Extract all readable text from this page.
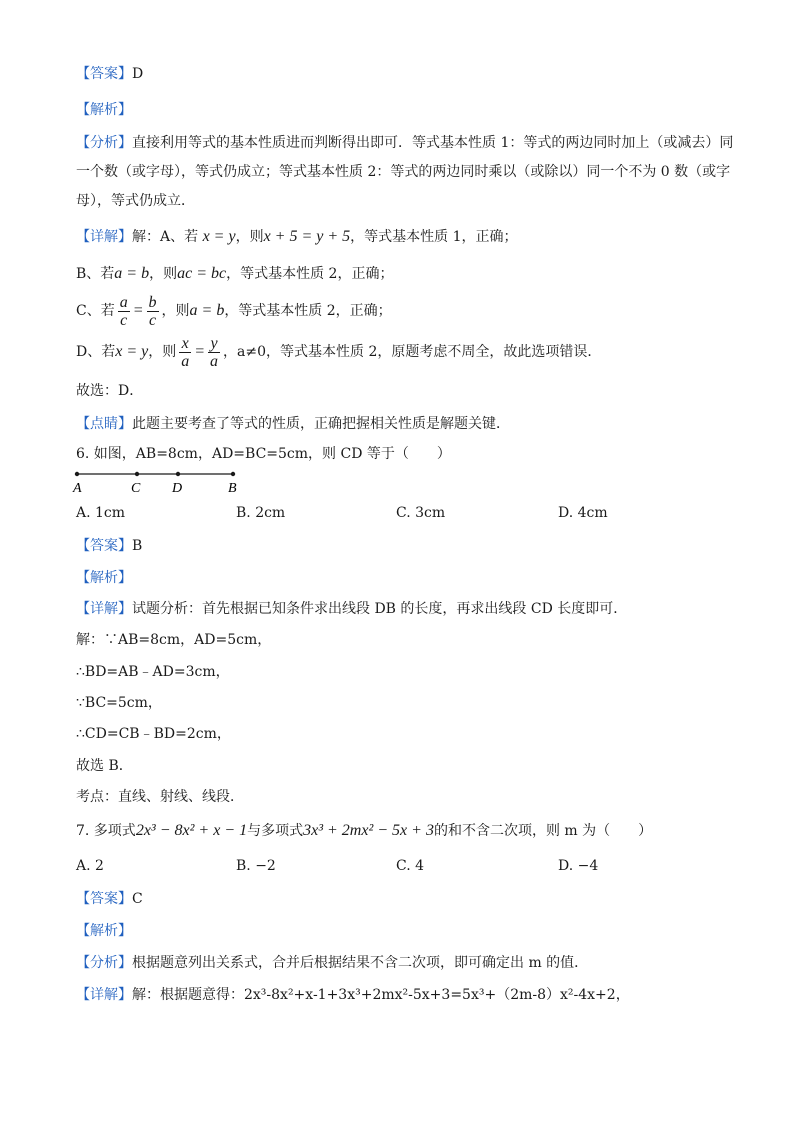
【答案】D
【解析】
【分析】直接利用等式的基本性质进而判断得出即可．等式基本性质 1：等式的两边同时加上（或减去）同
一个数（或字母），等式仍成立；等式基本性质 2：等式的两边同时乘以（或除以）同一个不为 0 数（或字
母），等式仍成立．
【详解】解：A、若 x = y，则x + 5 = y + 5，等式基本性质 1，正确；
B、若a = b，则ac = bc，等式基本性质 2，正确；
C、若 $\frac{a}{c} = \frac{b}{c}$ ，则a = b，等式基本性质 2，正确；
D、若x = y，则 $\frac{x}{a} = \frac{y}{a}$ ，a≠0，等式基本性质 2，原题考虑不周全，故此选项错误．
故选：D．
【点睛】此题主要考查了等式的性质，正确把握相关性质是解题关键．
6. 如图，AB=8cm，AD=BC=5cm，则 CD 等于（　　）
A	C D	B
A. 1cm	B. 2cm	C. 3cm	D. 4cm
【答案】B
【解析】
【详解】试题分析：首先根据已知条件求出线段 DB 的长度，再求出线段 CD 长度即可．
解：∵AB=8cm，AD=5cm，
∴BD=AB﹣AD=3cm，
∵BC=5cm，
∴CD=CB﹣BD=2cm，
故选 B．
考点：直线、射线、线段．
7. 多项式2x³ − 8x² + x − 1与多项式3x³ + 2mx² − 5x + 3的和不含二次项，则 m 为（　　）
A. 2	B. −2	C. 4	D. −4
【答案】C
【解析】
【分析】根据题意列出关系式，合并后根据结果不含二次项，即可确定出 m 的值．
【详解】解：根据题意得：2x³-8x²+x-1+3x³+2mx²-5x+3=5x³+（2m-8）x²-4x+2，
